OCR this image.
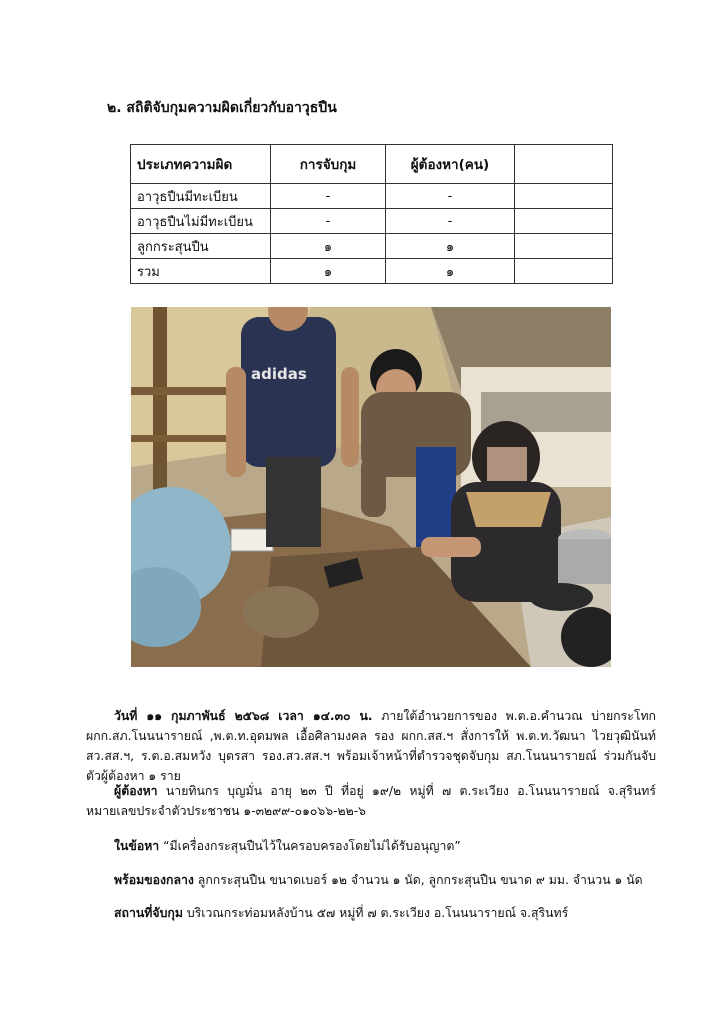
๒. สถิติจับกุมความผิดเกี่ยวกับอาวุธปืน
ประเภทความผิด	การจับกุม	ผู้ต้องหา(คน)	
อาวุธปืนมีทะเบียน	-	-	
อาวุธปืนไม่มีทะเบียน	-	-	
ลูกกระสุนปืน	๑	๑	
รวม	๑	๑	
adidas

วันที่ ๑๑ กุมภาพันธ์ ๒๕๖๘ เวลา ๑๔.๓๐ น. ภายใต้อำนวยการของ พ.ต.อ.คำนวณ บ่ายกระโทก ผกก.สภ.โนนนารายณ์ ,พ.ต.ท.อุดมพล เอื้อศิลามงคล รอง ผกก.สส.ฯ สั่งการให้ พ.ต.ท.วัฒนา ไวยวุฒินันท์ สว.สส.ฯ, ร.ต.อ.สมหวัง บุตรสา รอง.สว.สส.ฯ พร้อมเจ้าหน้าที่ตำรวจชุดจับกุม สภ.โนนนารายณ์ ร่วมกันจับตัวผู้ต้องหา ๑ ราย

ผู้ต้องหา นายทินกร บุญมั่น อายุ ๒๓ ปี ที่อยู่ ๑๙/๒ หมู่ที่ ๗ ต.ระเวียง อ.โนนนารายณ์ จ.สุรินทร์ หมายเลขประจำตัวประชาชน ๑-๓๒๙๙-๐๑๐๖๖-๒๒-๖

ในข้อหา “มีเครื่องกระสุนปืนไว้ในครอบครองโดยไม่ได้รับอนุญาต”

พร้อมของกลาง ลูกกระสุนปืน ขนาดเบอร์ ๑๒ จำนวน ๑ นัด, ลูกกระสุนปืน ขนาด ๙ มม. จำนวน ๑ นัด

สถานที่จับกุม บริเวณกระท่อมหลังบ้าน ๕๗ หมู่ที่ ๗ ต.ระเวียง อ.โนนนารายณ์ จ.สุรินทร์
